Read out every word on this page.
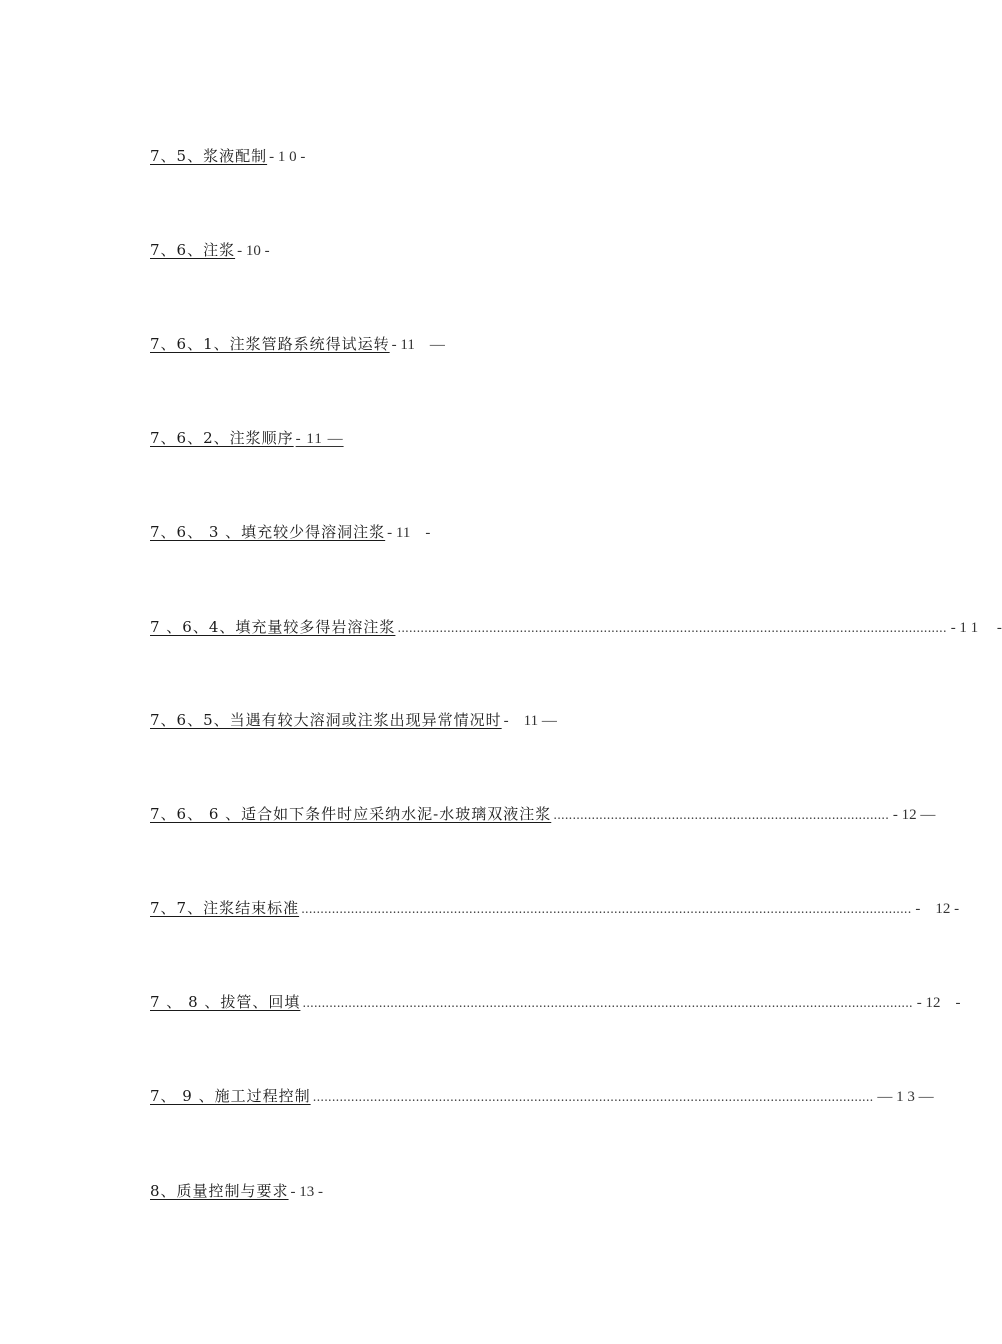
7、5、浆液配制 - 1 0 -
7、6、注浆 - 10 -
7、6、1、注浆管路系统得试运转 - 11　—
7、6、2、注浆顺序 - 11 —
7、6、 3 、填充较少得溶洞注浆 - 11　-
7 、6、4、填充量较多得岩溶注浆 ................................................................................................................................................ - 1 1　 -
7、6、5、当遇有较大溶洞或注浆出现异常情况时 -　11 —
7、6、 6 、适合如下条件时应采纳水泥-水玻璃双液注浆 ........................................................................................ - 12 —
7、7、注浆结束标准 ................................................................................................................................................................ -　12 -
7 、 8 、拔管、回填 ................................................................................................................................................................ - 12　-
7、 9 、施工过程控制 ................................................................................................................................................... — 1 3 —
8、质量控制与要求 - 13 -
